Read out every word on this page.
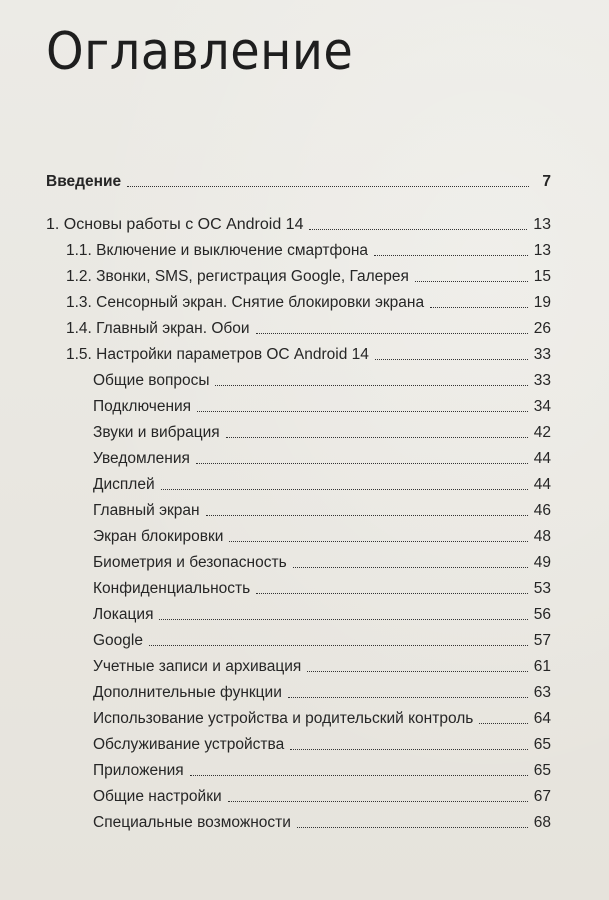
Оглавление
Введение	7
1. Основы работы с ОС Android 14	13
1.1. Включение и выключение смартфона	13
1.2. Звонки, SMS, регистрация Google, Галерея	15
1.3. Сенсорный экран. Снятие блокировки экрана	19
1.4. Главный экран. Обои	26
1.5. Настройки параметров ОС Android 14	33
Общие вопросы	33
Подключения	34
Звуки и вибрация	42
Уведомления	44
Дисплей	44
Главный экран	46
Экран блокировки	48
Биометрия и безопасность	49
Конфиденциальность	53
Локация	56
Google	57
Учетные записи и архивация	61
Дополнительные функции	63
Использование устройства и родительский контроль	64
Обслуживание устройства	65
Приложения	65
Общие настройки	67
Специальные возможности	68
